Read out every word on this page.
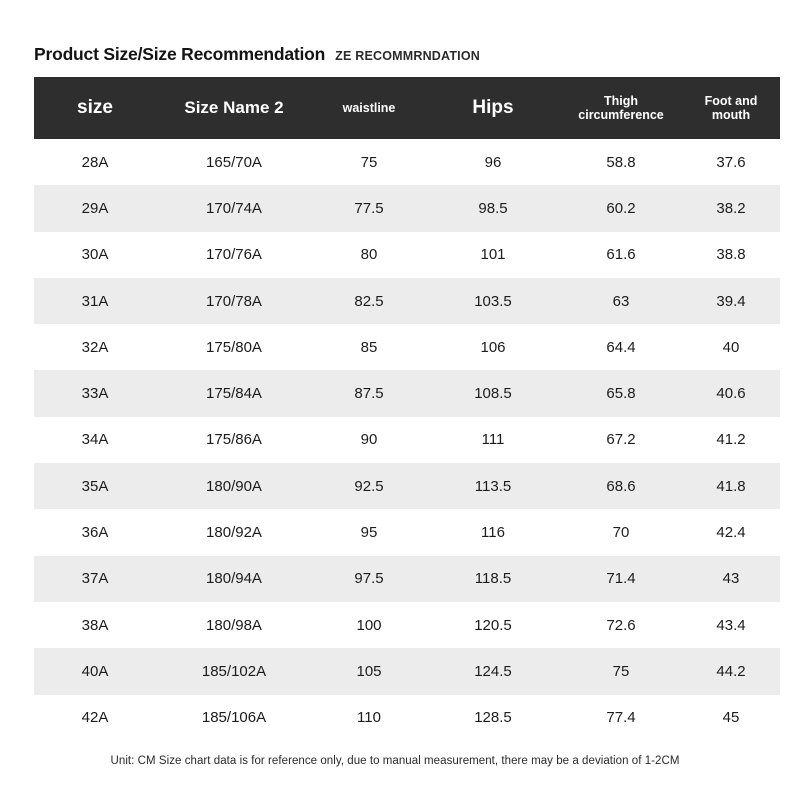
Product Size/Size Recommendation ZE RECOMMRNDATION
size	Size Name 2	waistline	Hips	Thigh circumference	Foot and mouth
28A	165/70A	75	96	58.8	37.6
29A	170/74A	77.5	98.5	60.2	38.2
30A	170/76A	80	101	61.6	38.8
31A	170/78A	82.5	103.5	63	39.4
32A	175/80A	85	106	64.4	40
33A	175/84A	87.5	108.5	65.8	40.6
34A	175/86A	90	111	67.2	41.2
35A	180/90A	92.5	113.5	68.6	41.8
36A	180/92A	95	116	70	42.4
37A	180/94A	97.5	118.5	71.4	43
38A	180/98A	100	120.5	72.6	43.4
40A	185/102A	105	124.5	75	44.2
42A	185/106A	110	128.5	77.4	45
Unit: CM Size chart data is for reference only, due to manual measurement, there may be a deviation of 1-2CM
